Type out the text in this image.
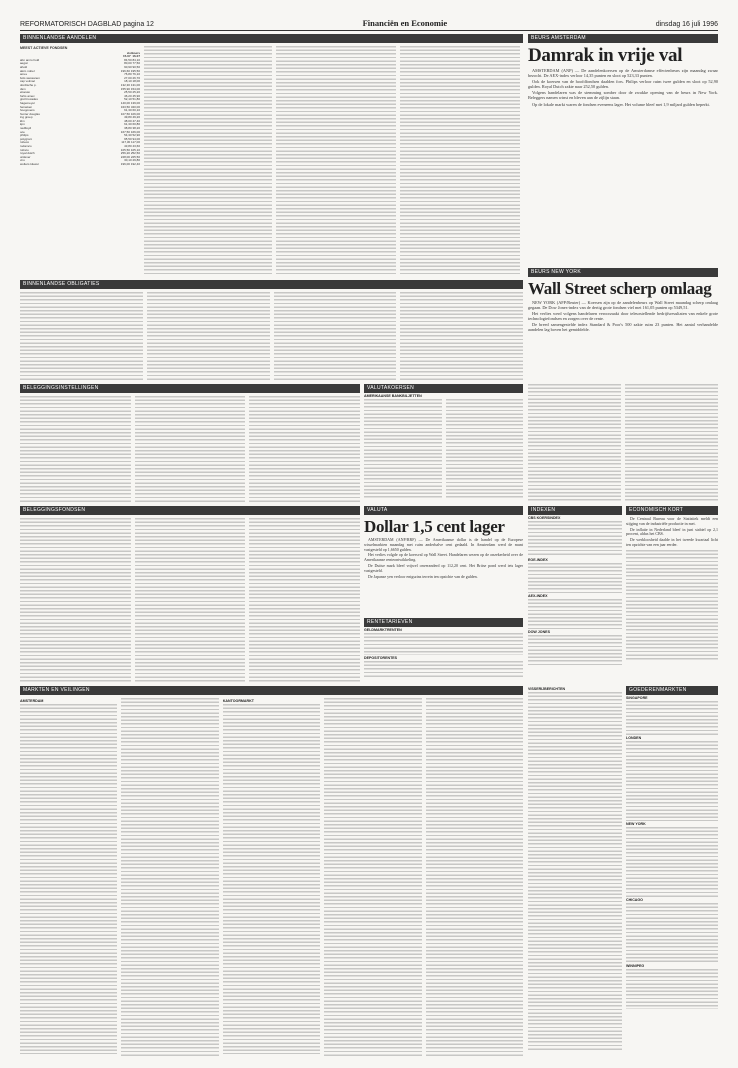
REFORMATORISCH DAGBLAD pagina 12	Financiën en Economie	dinsdag 16 juli 1996
BINNENLANDSE AANDELEN
MEEST ACTIEVE FONDSEN
slotkoers
15-07 16-07
abn amro hold	84,50 84,10
aegon	80,00 77,50
ahold	90,90 90,50
akzo nobel	196,60 195,50
amev	76,80 76,10
bols wessanen	27,00 26,70
cap volmac	18,10 18,00
dordtsche p.	132,30 131,00
dsm	155,90 154,00
elsevier	25,50 25,20
fortis amev	46,20 45,90
gist brocades	52,10 51,80
hagemeyer	140,00 139,00
heineken	343,50 340,00
hoogovens	61,30 60,10
hunter douglas	107,50 106,00
ing groep	49,80 49,20
klm	48,00 47,40
kpn	61,30 60,80
nedlloyd	38,80 38,20
oce	167,50 166,00
philips	54,30 52,90
polygram	95,50 94,00
robeco	117,30 117,00
rodamco	43,80 43,60
rolinco	105,50 105,10
royal dutch	256,20 252,50
unilever	228,00 225,50
vnu	30,10 29,80
wolters kluwer	196,00 192,40
BEURS AMSTERDAM
Damrak in vrije val

AMSTERDAM (ANP) — De aandelenkoersen op de Amsterdamse effectenbeurs zijn maandag zwaar bezocht. De AEX-index verloor 14,35 punten en sloot op 523,33 punten.

Ook de koersen van de hoofdfondsen daalden fors. Philips verloor ruim twee gulden en sloot op 52,90 gulden. Royal Dutch zakte naar 252,50 gulden.

Volgens handelaren was de stemming somber door de zwakke opening van de beurs in New York. Beleggers namen winst en bleven aan de zijlijn staan.

Op de lokale markt waren de fondsen eveneens lager. Het volume bleef met 1,9 miljard gulden beperkt.

BINNENLANDSE OBLIGATIES
BEURS NEW YORK
Wall Street scherp omlaag

NEW YORK (AFP/Reuter) — Koersen zijn op de aandelenbeurs op Wall Street maandag scherp omlaag gegaan. De Dow Jones-index van de dertig grote fondsen viel met 161,05 punten op 5349,51.

Het verlies werd volgens handelaren veroorzaakt door teleurstellende bedrijfsresultaten van enkele grote technologiefondsen en zorgen over de rente.

De breed samengestelde index Standard & Poor's 500 zakte ruim 23 punten. Het aantal verhandelde aandelen lag boven het gemiddelde.

BELEGGINGSINSTELLINGEN	VALUTAKOERSEN
AMERIKAANSE BANKBILJETTEN
BELEGGINGSFONDSEN	VALUTA
Dollar 1,5 cent lager

AMSTERDAM (ANP/RRF) — De Amerikaanse dollar is de handel op de Europese wisselmarkten maandag met ruim anderhalve cent gedaald. In Amsterdam werd de munt vastgesteld op 1,6650 gulden.

Het verlies volgde op de koersval op Wall Street. Handelaren wezen op de onzekerheid over de Amerikaanse renteontwikkeling.

De Duitse mark bleef vrijwel onveranderd op 112,20 cent. Het Britse pond werd iets lager vastgesteld.

De Japanse yen verloor enigszins terrein ten opzichte van de gulden.

RENTETARIEVEN
GELDMARKTRENTEN
DEPOSITORENTES
INDEXEN
CBS KOERSINDEX
EOE-INDEX
AEX-INDEX
DOW JONES
ECONOMISCH KORT

De Centraal Bureau voor de Statistiek meldt een stijging van de industriële productie in mei.

De inflatie in Nederland bleef in juni stabiel op 2,1 procent, aldus het CBS.

De werkloosheid daalde in het tweede kwartaal licht ten opzichte van een jaar eerder.

MARKTEN EN VEILINGEN
AMSTERDAM	KANTOORMARKT
VISSERIJBERICHTEN	GOEDERENMARKTEN
SINGAPORE
LONDEN
NEW YORK
CHICAGO
WINNIPEG
